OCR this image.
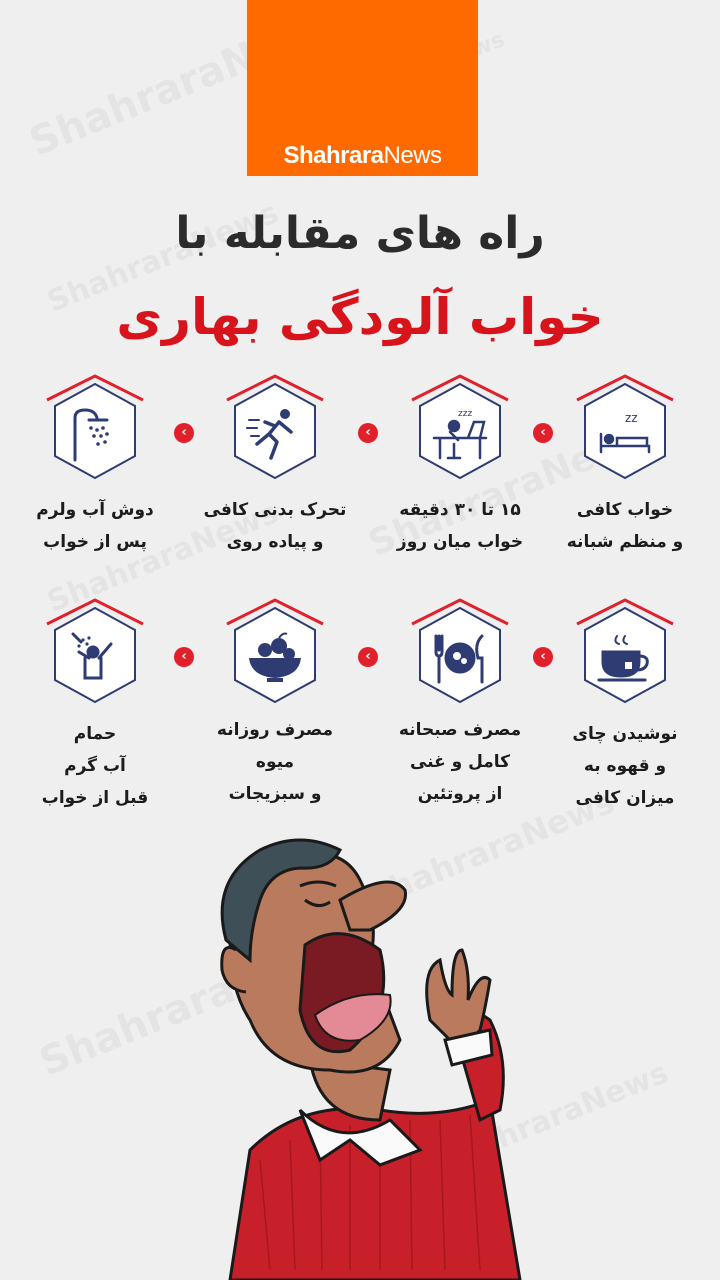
ShahraraNews
راه های مقابله با
خواب آلودگی بهاری
zz
zzz
‹
‹
‹
خواب کافی
و منظم شبانه
۱۵ تا ۳۰ دقیقه
خواب میان روز
تحرک بدنی کافی
و پیاده روی
دوش آب ولرم
پس از خواب
‹
‹
‹
نوشیدن چای
و قهوه به
میزان کافی
مصرف صبحانه
کامل و غنی
از پروتئین
مصرف روزانه
میوه
و سبزیجات
حمام
آب گرم
قبل از خواب
